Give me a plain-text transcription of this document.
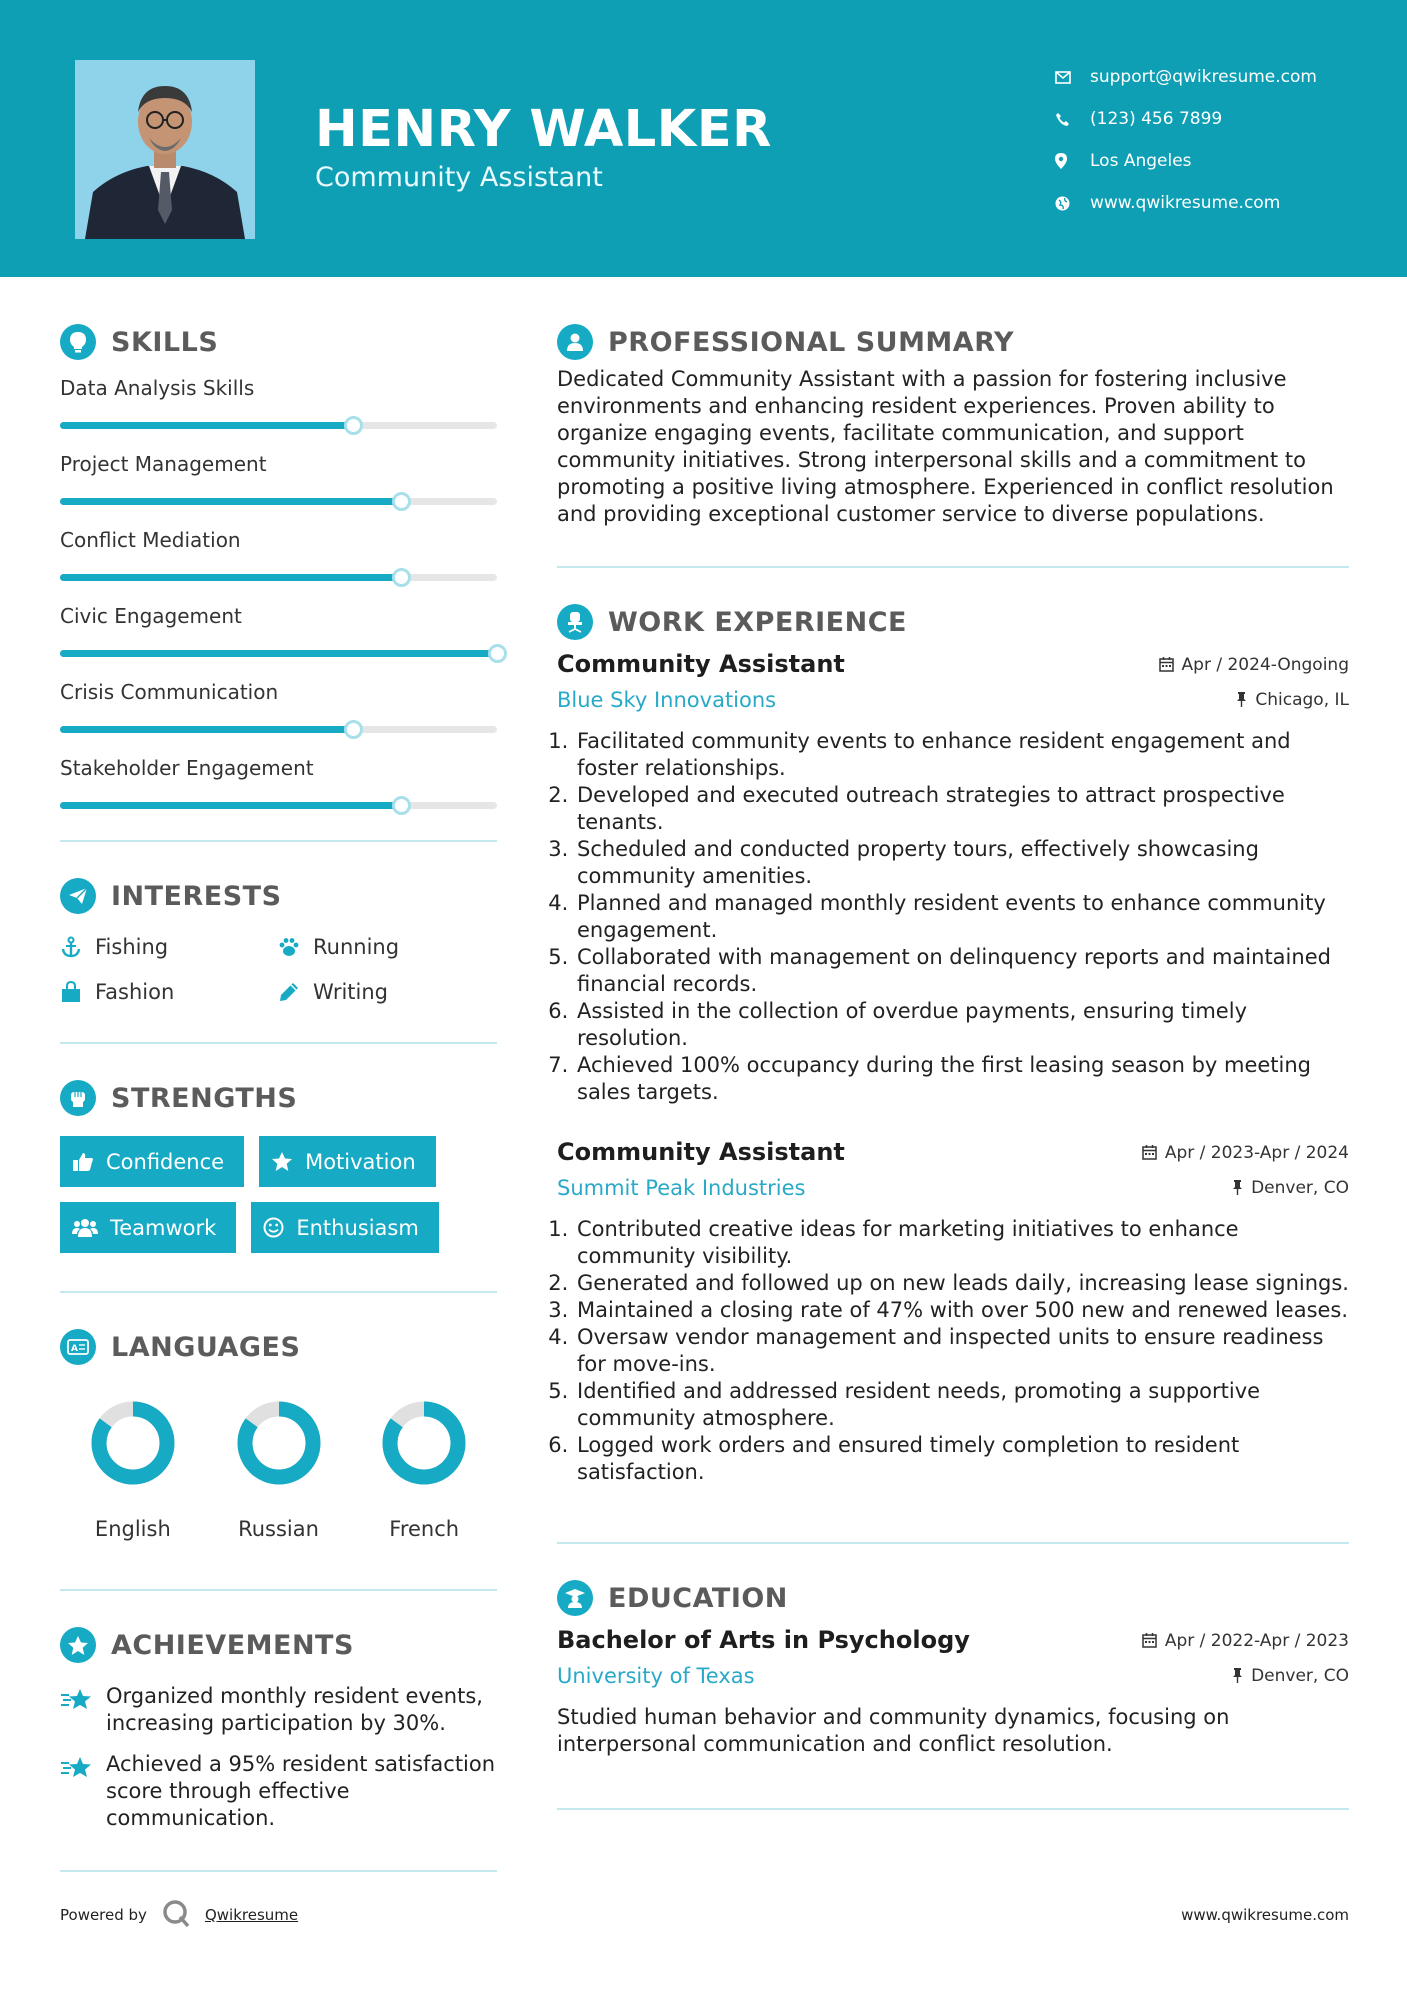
HENRY WALKER
Community Assistant
support@qwikresume.com
(123) 456 7899
Los Angeles
www.qwikresume.com
SKILLS
Data Analysis Skills
Project Management
Conflict Mediation
Civic Engagement
Crisis Communication
Stakeholder Engagement
INTERESTS
Fishing	Running
Fashion	Writing
STRENGTHS
Confidence	Motivation
Teamwork	Enthusiasm
A LANGUAGES
English	Russian	French
ACHIEVEMENTS
Organized monthly resident events, increasing participation by 30%.
Achieved a 95% resident satisfaction score through effective communication.
PROFESSIONAL SUMMARY
Dedicated Community Assistant with a passion for fostering inclusive environments and enhancing resident experiences. Proven ability to organize engaging events, facilitate communication, and support community initiatives. Strong interpersonal skills and a commitment to promoting a positive living atmosphere. Experienced in conflict resolution and providing exceptional customer service to diverse populations.
WORK EXPERIENCE
Community Assistant	Apr / 2024-Ongoing
Blue Sky Innovations	Chicago, IL
1. Facilitated community events to enhance resident engagement and foster relationships.
2. Developed and executed outreach strategies to attract prospective tenants.
3. Scheduled and conducted property tours, effectively showcasing community amenities.
4. Planned and managed monthly resident events to enhance community engagement.
5. Collaborated with management on delinquency reports and maintained financial records.
6. Assisted in the collection of overdue payments, ensuring timely resolution.
7. Achieved 100% occupancy during the first leasing season by meeting sales targets.
Community Assistant	Apr / 2023-Apr / 2024
Summit Peak Industries	Denver, CO
1. Contributed creative ideas for marketing initiatives to enhance community visibility.
2. Generated and followed up on new leads daily, increasing lease signings.
3. Maintained a closing rate of 47% with over 500 new and renewed leases.
4. Oversaw vendor management and inspected units to ensure readiness for move-ins.
5. Identified and addressed resident needs, promoting a supportive community atmosphere.
6. Logged work orders and ensured timely completion to resident satisfaction.
EDUCATION
Bachelor of Arts in Psychology	Apr / 2022-Apr / 2023
University of Texas	Denver, CO
Studied human behavior and community dynamics, focusing on interpersonal communication and conflict resolution.
Powered by	Qwikresume	www.qwikresume.com
